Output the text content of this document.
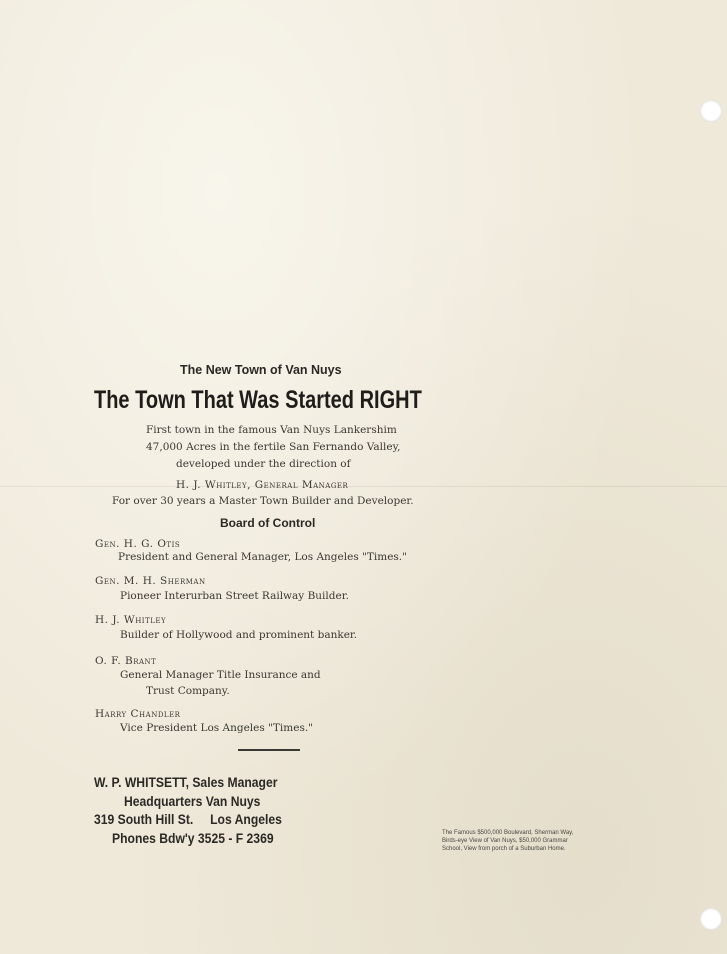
The New Town of Van Nuys
The Town That Was Started RIGHT
First town in the famous Van Nuys Lankershim
47,000 Acres in the fertile San Fernando Valley,
developed under the direction of
H. J. Whitley, General Manager
For over 30 years a Master Town Builder and Developer.
Board of Control
Gen. H. G. Otis
President and General Manager, Los Angeles "Times."
Gen. M. H. Sherman
Pioneer Interurban Street Railway Builder.
H. J. Whitley
Builder of Hollywood and prominent banker.
O. F. Brant
General Manager Title Insurance and
Trust Company.
Harry Chandler
Vice President Los Angeles "Times."
W. P. WHITSETT, Sales Manager
Headquarters Van Nuys
319 South Hill St.     Los Angeles
Phones Bdw'y 3525 - F 2369	The Famous $500,000 Boulevard, Sherman Way,
Birds-eye View of Van Nuys, $50,000 Grammar
School, View from porch of a Suburban Home.
